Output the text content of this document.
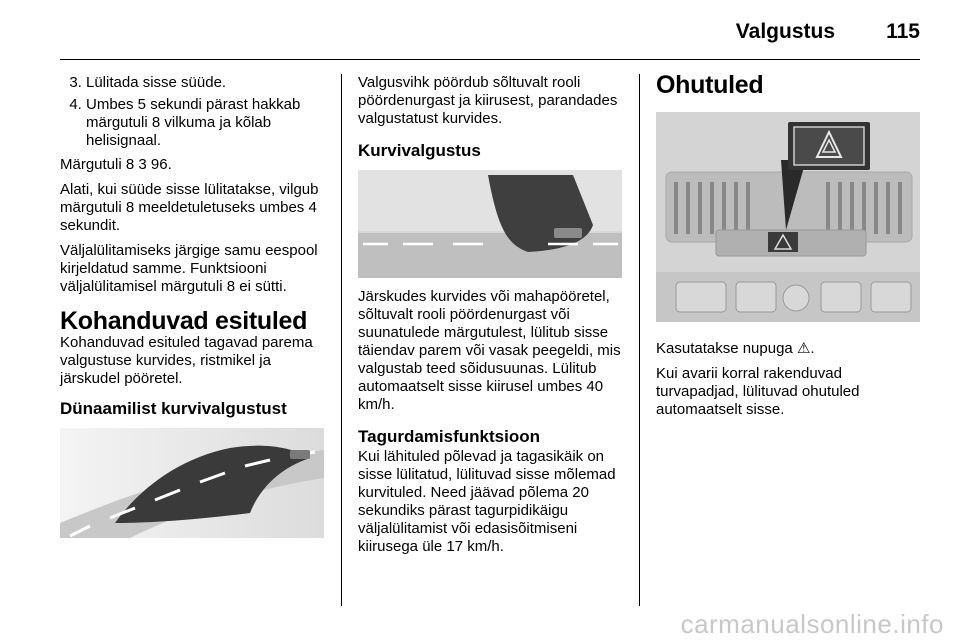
Valgustus 115
3. Lülitada sisse süüde.
4. Umbes 5 sekundi pärast hakkab märgutuli 8 vilkuma ja kõlab helisignaal.

Märgutuli 8 3 96.

Alati, kui süüde sisse lülitatakse, vilgub märgutuli 8 meeldetuletuseks umbes 4 sekundit.

Väljalülitamiseks järgige samu eespool kirjeldatud samme. Funktsiooni väljalülitamisel märgutuli 8 ei sütti.

Kohanduvad esituled

Kohanduvad esituled tagavad parema valgustuse kurvides, ristmikel ja järskudel pööretel.

Dünaamilist kurvivalgustust

Valgusvihk pöördub sõltuvalt rooli pöördenurgast ja kiirusest, parandades valgustatust kurvides.

Kurvivalgustus

Järskudes kurvides või mahapööretel, sõltuvalt rooli pöördenurgast või suunatulede märgutulest, lülitub sisse täiendav parem või vasak peegeldi, mis valgustab teed sõidusuunas. Lülitub automaatselt sisse kiirusel umbes 40 km/h.

Tagurdamisfunktsioon

Kui lähituled põlevad ja tagasikäik on sisse lülitatud, lülituvad sisse mõlemad kurvituled. Need jäävad põlema 20 sekundiks pärast tagurpidikäigu väljalülitamist või edasisõitmiseni kiirusega üle 17 km/h.

Ohutuled

Kasutatakse nupuga ⚠.

Kui avarii korral rakenduvad turvapadjad, lülituvad ohutuled automaatselt sisse.

carmanualsonline.info
